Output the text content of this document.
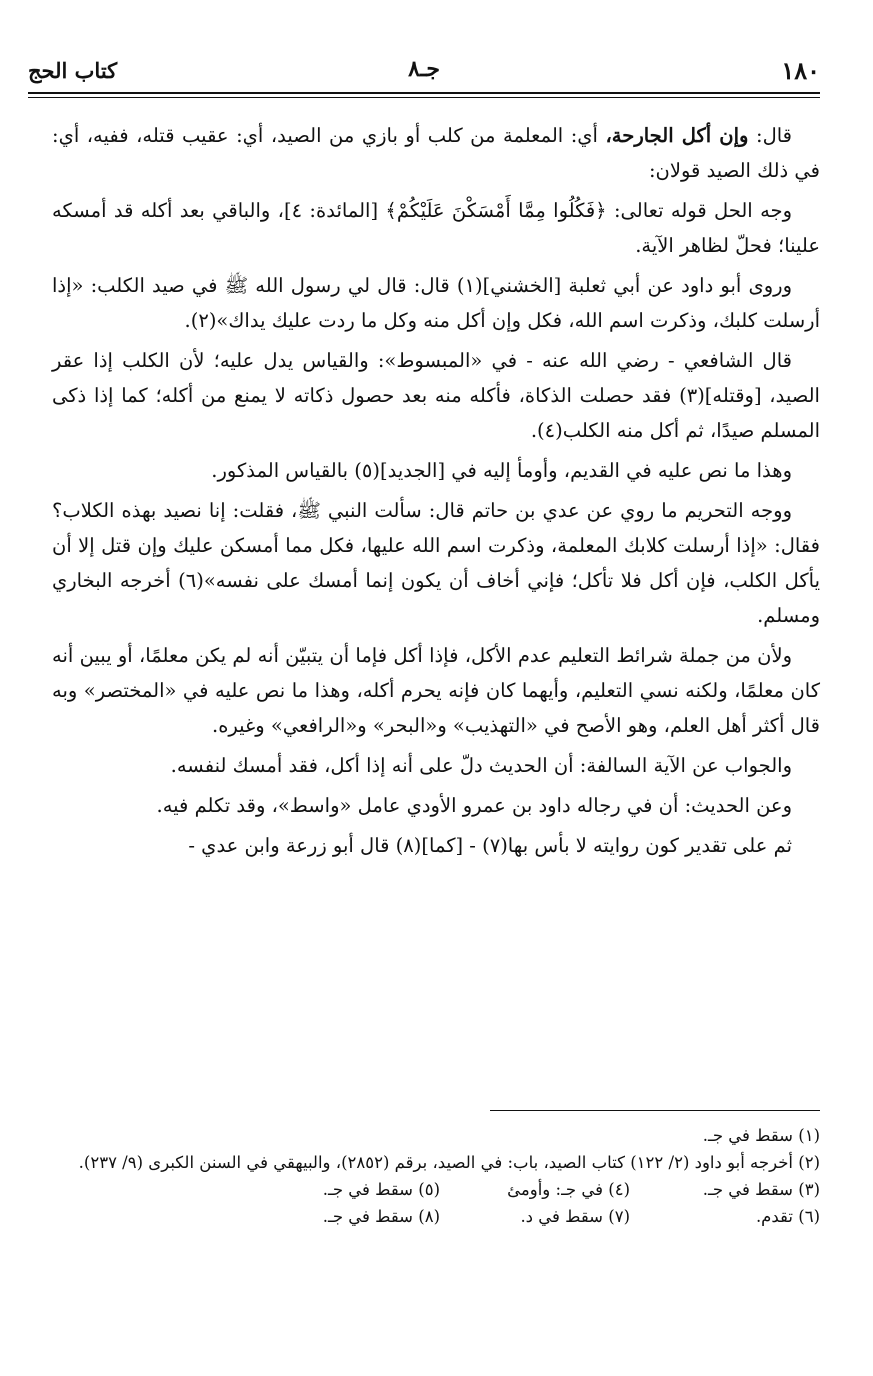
١٨٠
جـ٨
كتاب الحج

قال: وإن أكل الجارحة، أي: المعلمة من كلب أو بازي من الصيد، أي: عقيب قتله، ففيه، أي: في ذلك الصيد قولان:

وجه الحل قوله تعالى: ﴿فَكُلُوا مِمَّا أَمْسَكْنَ عَلَيْكُمْ﴾ [المائدة: ٤]، والباقي بعد أكله قد أمسكه علينا؛ فحلّ لظاهر الآية.

وروى أبو داود عن أبي ثعلبة [الخشني](١) قال: قال لي رسول الله ﷺ في صيد الكلب: «إذا أرسلت كلبك، وذكرت اسم الله، فكل وإن أكل منه وكل ما ردت عليك يداك»(٢).

قال الشافعي - رضي الله عنه - في «المبسوط»: والقياس يدل عليه؛ لأن الكلب إذا عقر الصيد، [وقتله](٣) فقد حصلت الذكاة، فأكله منه بعد حصول ذكاته لا يمنع من أكله؛ كما إذا ذكى المسلم صيدًا، ثم أكل منه الكلب(٤).

وهذا ما نص عليه في القديم، وأومأ إليه في [الجديد](٥) بالقياس المذكور.

ووجه التحريم ما روي عن عدي بن حاتم قال: سألت النبي ﷺ، فقلت: إنا نصيد بهذه الكلاب؟ فقال: «إذا أرسلت كلابك المعلمة، وذكرت اسم الله عليها، فكل مما أمسكن عليك وإن قتل إلا أن يأكل الكلب، فإن أكل فلا تأكل؛ فإني أخاف أن يكون إنما أمسك على نفسه»(٦) أخرجه البخاري ومسلم.

ولأن من جملة شرائط التعليم عدم الأكل، فإذا أكل فإما أن يتبيّن أنه لم يكن معلمًا، أو يبين أنه كان معلمًا، ولكنه نسي التعليم، وأيهما كان فإنه يحرم أكله، وهذا ما نص عليه في «المختصر» وبه قال أكثر أهل العلم، وهو الأصح في «التهذيب» و«البحر» و«الرافعي» وغيره.

والجواب عن الآية السالفة: أن الحديث دلّ على أنه إذا أكل، فقد أمسك لنفسه.

وعن الحديث: أن في رجاله داود بن عمرو الأودي عامل «واسط»، وقد تكلم فيه.

ثم على تقدير كون روايته لا بأس بها(٧) - [كما](٨) قال أبو زرعة وابن عدي -

(١) سقط في جـ.

(٢) أخرجه أبو داود (٢/ ١٢٢) كتاب الصيد، باب: في الصيد، برقم (٢٨٥٢)، والبيهقي في السنن الكبرى (٩/ ٢٣٧).

(٣) سقط في جـ.
(٤) في جـ: وأومئ
(٥) سقط في جـ.
(٦) تقدم.
(٧) سقط في د.
(٨) سقط في جـ.
